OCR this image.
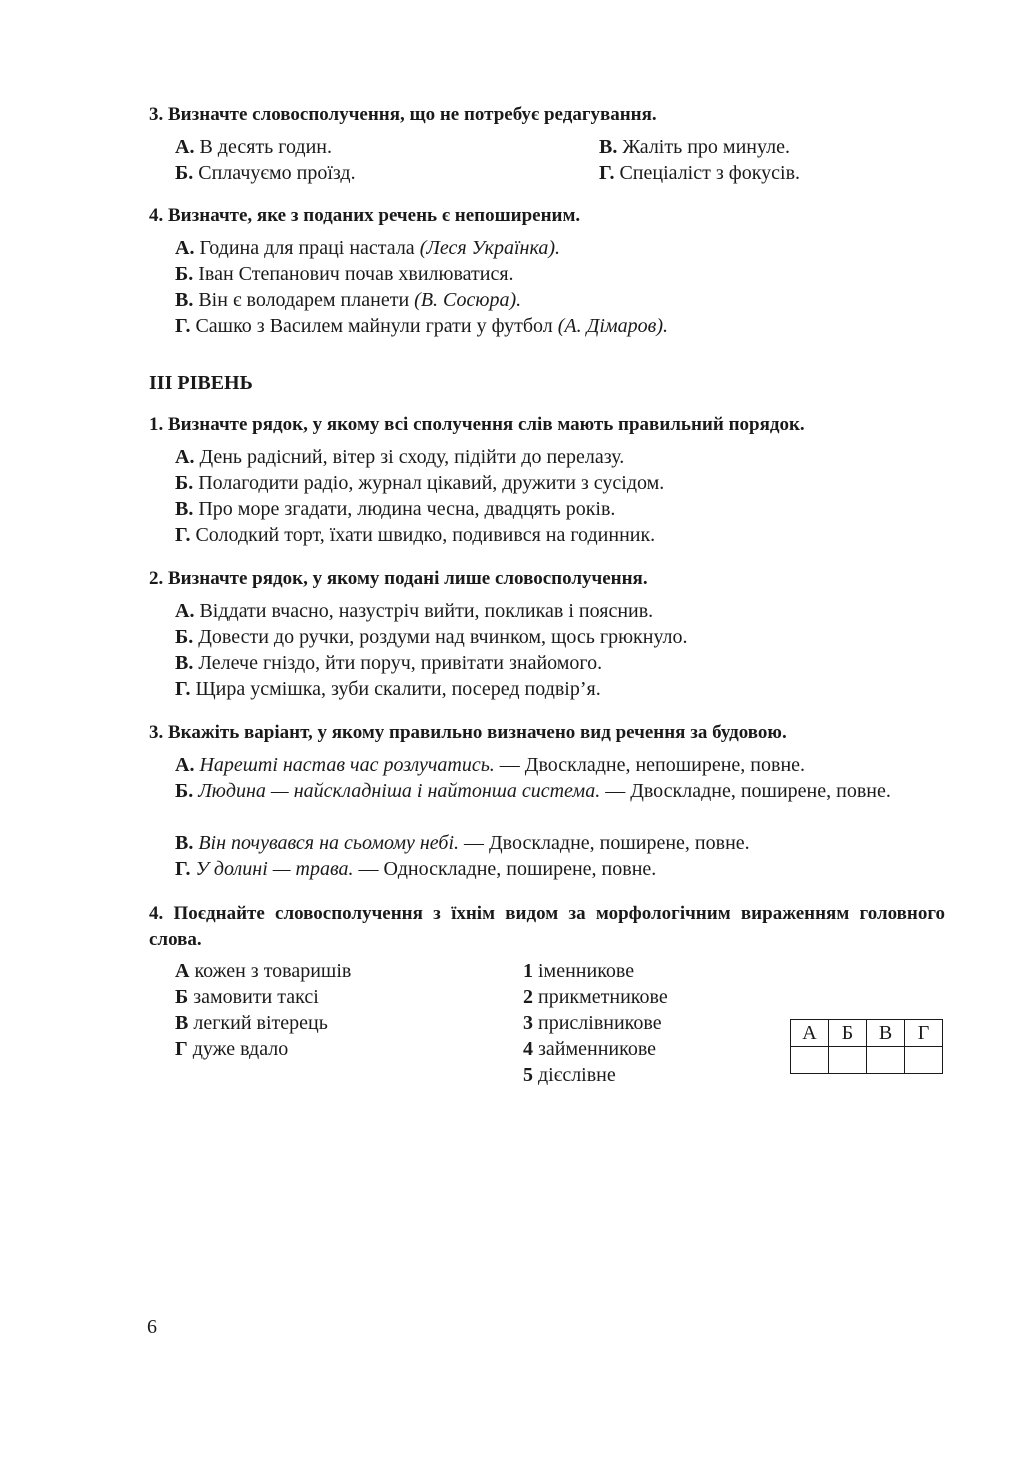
3. Визначте словосполучення, що не потребує редагування.
А. В десять годин.	В. Жаліть про минуле.
Б. Сплачуємо проїзд.	Г. Спеціаліст з фокусів.
4. Визначте, яке з поданих речень є непоширеним.
А. Година для праці настала (Леся Українка).
Б. Іван Степанович почав хвилюватися.
В. Він є володарем планети (В. Сосюра).
Г. Сашко з Василем майнули грати у футбол (А. Дімаров).
ІІІ РІВЕНЬ
1. Визначте рядок, у якому всі сполучення слів мають правильний порядок.
А. День радісний, вітер зі сходу, підійти до перелазу.
Б. Полагодити радіо, журнал цікавий, дружити з сусідом.
В. Про море згадати, людина чесна, двадцять років.
Г. Солодкий торт, їхати швидко, подивився на годинник.
2. Визначте рядок, у якому подані лише словосполучення.
А. Віддати вчасно, назустріч вийти, покликав і пояснив.
Б. Довести до ручки, роздуми над вчинком, щось грюкнуло.
В. Лелече гніздо, йти поруч, привітати знайомого.
Г. Щира усмішка, зуби скалити, посеред подвір’я.
3. Вкажіть варіант, у якому правильно визначено вид речення за будовою.
А. Нарешті настав час розлучатись. — Двоскладне, непоширене, повне.
Б. Людина — найскладніша і найтонша система. — Двоскладне, поширене, повне.
В. Він почувався на сьомому небі. — Двоскладне, поширене, повне.
Г. У долині — трава. — Односкладне, поширене, повне.
4. Поєднайте словосполучення з їхнім видом за морфологічним вираженням головного слова.
А кожен з товаришів
Б замовити таксі
В легкий вітерець
Г дуже вдало
1 іменникове
2 прикметникове
3 прислівникове
4 займенникове
5 дієслівне
А	Б	В	Г

6
